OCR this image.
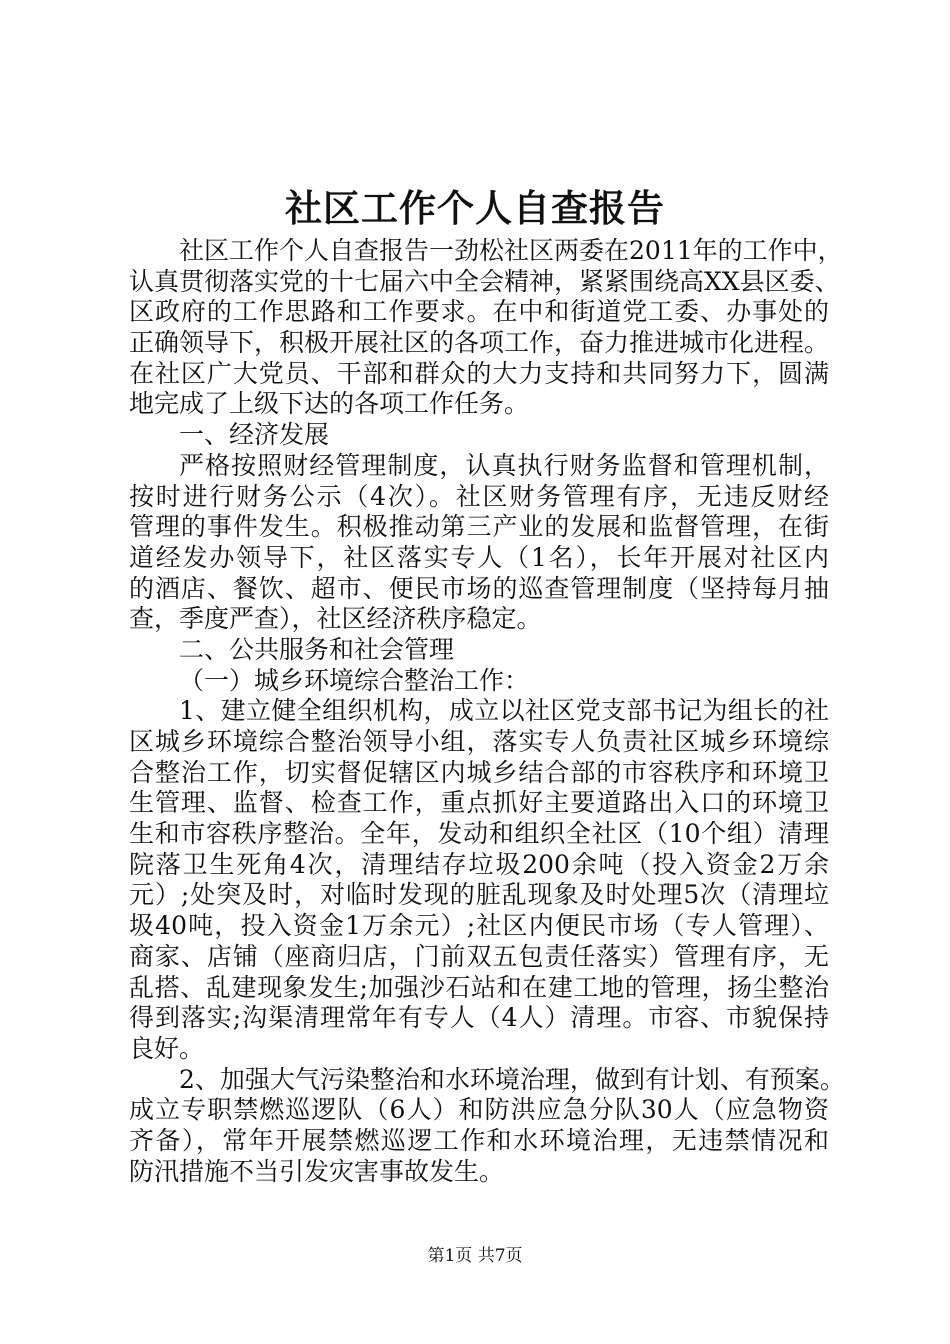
社区工作个人自查报告
社区工作个人自查报告一劲松社区两委在2011年的工作中，
认真贯彻落实党的十七届六中全会精神，紧紧围绕高XX县区委、
区政府的工作思路和工作要求。在中和街道党工委、办事处的
正确领导下，积极开展社区的各项工作，奋力推进城市化进程。
在社区广大党员、干部和群众的大力支持和共同努力下，圆满
地完成了上级下达的各项工作任务。
一、经济发展
严格按照财经管理制度，认真执行财务监督和管理机制，
按时进行财务公示（4次）。社区财务管理有序，无违反财经
管理的事件发生。积极推动第三产业的发展和监督管理，在街
道经发办领导下，社区落实专人（1名），长年开展对社区内
的酒店、餐饮、超市、便民市场的巡查管理制度（坚持每月抽
查，季度严查），社区经济秩序稳定。
二、公共服务和社会管理
（一）城乡环境综合整治工作：
1、建立健全组织机构，成立以社区党支部书记为组长的社
区城乡环境综合整治领导小组，落实专人负责社区城乡环境综
合整治工作，切实督促辖区内城乡结合部的市容秩序和环境卫
生管理、监督、检查工作，重点抓好主要道路出入口的环境卫
生和市容秩序整治。全年，发动和组织全社区（10个组）清理
院落卫生死角4次，清理结存垃圾200余吨（投入资金2万余
元）;处突及时，对临时发现的脏乱现象及时处理5次（清理垃
圾40吨，投入资金1万余元）;社区内便民市场（专人管理）、
商家、店铺（座商归店，门前双五包责任落实）管理有序，无
乱搭、乱建现象发生;加强沙石站和在建工地的管理，扬尘整治
得到落实;沟渠清理常年有专人（4人）清理。市容、市貌保持
良好。
2、加强大气污染整治和水环境治理，做到有计划、有预案。
成立专职禁燃巡逻队（6人）和防洪应急分队30人（应急物资
齐备），常年开展禁燃巡逻工作和水环境治理，无违禁情况和
防汛措施不当引发灾害事故发生。
第1页 共7页
